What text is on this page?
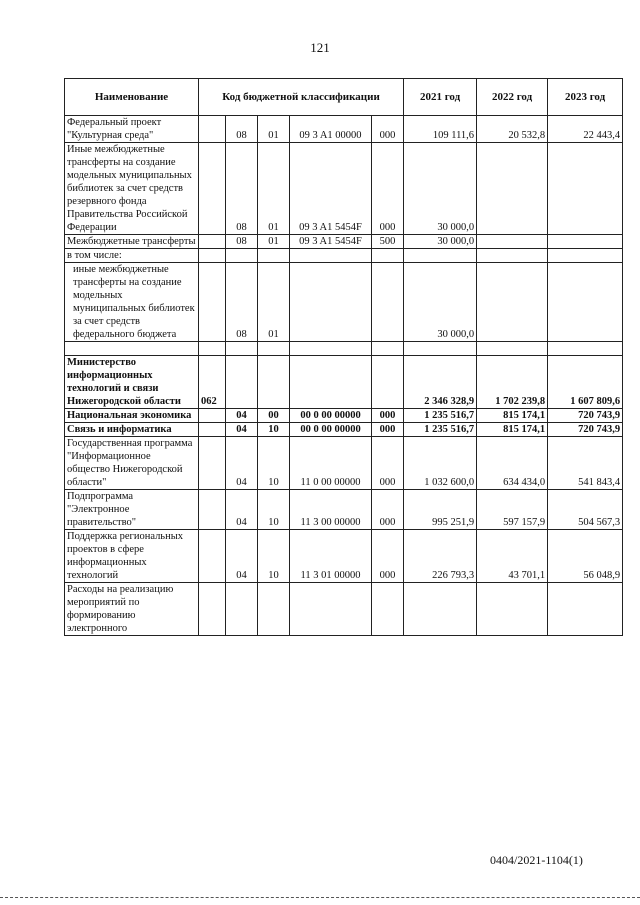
121
Наименование	Код бюджетной классификации					2021 год	2022 год	2023 год
Федеральный проект "Культурная среда"		08	01	09 3 A1 00000	000	109 111,6	20 532,8	22 443,4
Иные межбюджетные трансферты на создание модельных муниципальных библиотек за счет средств резервного фонда Правительства Российской Федерации		08	01	09 3 A1 5454F	000	30 000,0		
Межбюджетные трансферты		08	01	09 3 A1 5454F	500	30 000,0		
в том числе:								
иные межбюджетные трансферты на создание модельных муниципальных библиотек за счет средств федерального бюджета		08	01			30 000,0		

Министерство информационных технологий и связи Нижегородской области	062					2 346 328,9	1 702 239,8	1 607 809,6
Национальная экономика		04	00	00 0 00 00000	000	1 235 516,7	815 174,1	720 743,9
Связь и информатика		04	10	00 0 00 00000	000	1 235 516,7	815 174,1	720 743,9
Государственная программа "Информационное общество Нижегородской области"		04	10	11 0 00 00000	000	1 032 600,0	634 434,0	541 843,4
Подпрограмма "Электронное правительство"		04	10	11 3 00 00000	000	995 251,9	597 157,9	504 567,3
Поддержка региональных проектов в сфере информационных технологий		04	10	11 3 01 00000	000	226 793,3	43 701,1	56 048,9
Расходы на реализацию мероприятий по формированию электронного								
0404/2021-1104(1)
